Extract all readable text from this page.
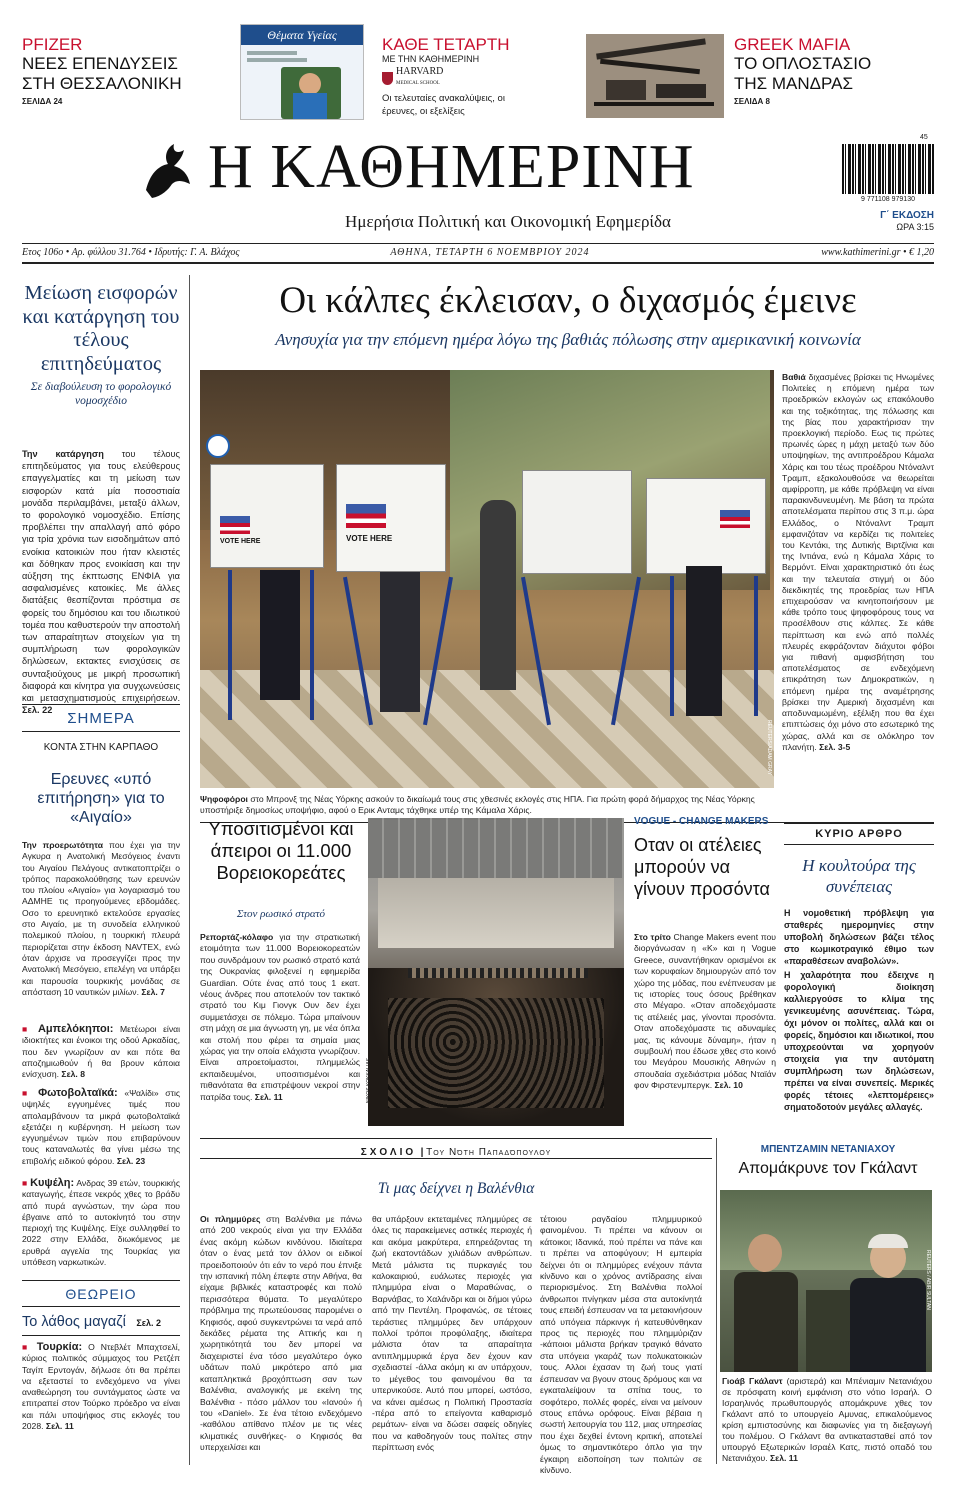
PFIZER
ΝΕΕΣ ΕΠΕΝΔΥΣΕΙΣ ΣΤΗ ΘΕΣΣΑΛΟΝΙΚΗ
ΣΕΛΙΔΑ 24
Θέματα Υγείας	ΚΑΘΕ ΤΕΤΑΡΤΗ
ΜΕ ΤΗΝ ΚΑΘΗΜΕΡΙΝΗ
HARVARD
MEDICAL SCHOOL
Οι τελευταίες ανακαλύψεις, οι έρευνες, οι εξελίξεις
GREEK MAFIA
ΤΟ ΟΠΛΟΣΤΑΣΙΟ ΤΗΣ ΜΑΝΔΡΑΣ
ΣΕΛΙΔΑ 8
Η ΚΑΘΗΜΕΡΙΝΗ
Ημερήσια Πολιτική και Οικονομική Εφημερίδα
9 771108 979130
45
Γ΄ ΕΚΔΟΣΗ
ΩΡΑ 3:15
Ετος 106ο • Αρ. φύλλου 31.764 • Ιδρυτής: Γ. Α. Βλάχος	ΑΘΗΝΑ, ΤΕΤΑΡΤΗ 6 ΝΟΕΜΒΡΙΟΥ 2024	www.kathimerini.gr • € 1,20
Μείωση εισφορών και κατάργηση του τέλους επιτηδεύματος
Σε διαβούλευση το φορολογικό νομοσχέδιο
Την κατάργηση του τέλους επιτηδεύματος για τους ελεύθερους επαγγελματίες και τη μείωση των εισφορών κατά μία ποσοστιαία μονάδα περιλαμβάνει, μεταξύ άλλων, το φορολογικό νομοσχέδιο. Επίσης προβλέπει την απαλλαγή από φόρο για τρία χρόνια των εισοδημάτων από ενοίκια κατοικιών που ήταν κλειστές και δόθηκαν προς ενοικίαση και την αύξηση της έκπτωσης ΕΝΦΙΑ για ασφαλισμένες κατοικίες. Με άλλες διατάξεις θεσπίζονται πρόστιμα σε φορείς του δημόσιου και του ιδιωτικού τομέα που καθυστερούν την αποστολή των απαραίτητων στοιχείων για τη συμπλήρωση των φορολογικών δηλώσεων, εκτακτες ενισχύσεις σε συνταξιούχους με μικρή προσωπική διαφορά και κίνητρα για συγχωνεύσεις και μετασχηματισμούς επιχειρήσεων. Σελ. 22 ΣΗΜΕΡΑ
ΚΟΝΤΑ ΣΤΗΝ ΚΑΡΠΑΘΟ
Ερευνες «υπό επιτήρηση» για το «Αιγαίο»
Την προερωτότητα που έχει για την Αγκυρα η Ανατολική Μεσόγειος έναντι του Αιγαίου Πελάγους αντικατοπτρίζει ο τρόπος παρακολούθησης των ερευνών του πλοίου «Αιγαίο» για λογαριασμό του ΑΔΜΗΕ τις προηγούμενες εβδομάδες. Οσο το ερευνητικό εκτελούσε εργασίες στο Αιγαίο, με τη συνοδεία ελληνικού πολεμικού πλοίου, η τουρκική πλευρά περιορίζεται στην έκδοση NAVTEX, ενώ όταν άρχισε να προσεγγίζει προς την Ανατολική Μεσόγειο, επελέγη να υπάρξει και παρουσία τουρκικής μονάδας σε απόσταση 10 ναυτικών μιλίων. Σελ. 7
■ Αμπελόκηποι: Μετέωροι είναι ιδιοκτήτες και ένοικοι της οδού Αρκαδίας, που δεν γνωρίζουν αν και πότε θα αποζημιωθούν ή θα βρουν κάποια ενίσχυση. Σελ. 8
■ Φωτοβολταϊκά: «Ψαλίδι» στις υψηλές εγγυημένες τιμές που απολαμβάνουν τα μικρά φωτοβολταϊκά εξετάζει η κυβέρνηση. Η μείωση των εγγυημένων τιμών που επιβαρύνουν τους καταναλωτές θα γίνει μέσω της επιβολής ειδικού φόρου. Σελ. 23
■ Κυψέλη: Ανδρας 39 ετών, τουρκικής καταγωγής, έπεσε νεκρός χθες το βράδυ από πυρά αγνώστων, την ώρα που έβγαινε από το αυτοκίνητό του στην περιοχή της Κυψέλης. Είχε συλληφθεί το 2022 στην Ελλάδα, διωκόμενος με ερυθρά αγγελία της Τουρκίας για υπόθεση ναρκωτικών.
ΘΕΩΡΕΙΟ
Το λάθος μαγαζί Σελ. 2
■ Τουρκία: Ο Ντεβλέτ Μπαχτσελί, κύριος πολιτικός σύμμαχος του Ρετζέπ Ταγίπ Ερντογάν, δήλωσε ότι θα πρέπει να εξεταστεί το ενδεχόμενο να γίνει αναθεώρηση του συντάγματος ώστε να επιτραπεί στον Τούρκο πρόεδρο να είναι και πάλι υποψήφιος στις εκλογές του 2028. Σελ. 11
Οι κάλπες έκλεισαν, ο διχασμός έμεινε
Ανησυχία για την επόμενη ημέρα λόγω της βαθιάς πόλωσης στην αμερικανική κοινωνία
VOTE HERE
VOTE HERE
REUTERS/ADAM GRAY
Ψηφοφόροι στο Μπρονξ της Νέας Υόρκης ασκούν το δικαίωμά τους στις χθεσινές εκλογές στις ΗΠΑ. Για πρώτη φορά δήμαρχος της Νέας Υόρκης υποστήριξε δημοσίως υποψήφιο, αφού ο Ερικ Ανταμς τάχθηκε υπέρ της Κάμαλα Χάρις.
Βαθιά διχασμένες βρίσκει τις Ηνωμένες Πολιτείες η επόμενη ημέρα των προεδρικών εκλογών ως επακόλουθο και της τοξικότητας, της πόλωσης και της βίας που χαρακτήρισαν την προεκλογική περίοδο. Εως τις πρώτες πρωινές ώρες η μάχη μεταξύ των δύο υποψηφίων, της αντιπροέδρου Κάμαλα Χάρις και του τέως προέδρου Ντόναλντ Τραμπ, εξακολουθούσε να θεωρείται αμφίρροπη, με κάθε πρόβλεψη να είναι παρακινδυνευμένη. Με βάση τα πρώτα αποτελέσματα περίπου στις 3 π.μ. ώρα Ελλάδος, ο Ντόναλντ Τραμπ εμφανιζόταν να κερδίζει τις πολιτείες του Κεντάκι, της Δυτικής Βιρτζίνια και της Ιντιάνα, ενώ η Κάμαλα Χάρις το Βερμόντ. Είναι χαρακτηριστικό ότι έως και την τελευταία στιγμή οι δύο διεκδικητές της προεδρίας των ΗΠΑ επιχειρούσαν να κινητοποιήσουν με κάθε τρόπο τους ψηφοφόρους τους να προσέλθουν στις κάλπες. Σε κάθε περίπτωση και ενώ από πολλές πλευρές εκφράζονταν διάχυτοι φόβοι για πιθανή αμφισβήτηση του αποτελέσματος σε ενδεχόμενη επικράτηση των Δημοκρατικών, η επόμενη ημέρα της αναμέτρησης βρίσκει την Αμερική διχασμένη και αποδυναμωμένη, εξέλιξη που θα έχει επιπτώσεις όχι μόνο στο εσωτερικό της χώρας, αλλά και σε ολόκληρο τον πλανήτη. Σελ. 3-5
Υποσιτισμένοι και άπειροι οι 11.000 Βορειοκορεάτες
Στον ρωσικό στρατό
Ρεπορτάζ-κόλαφο για την στρατιωτική ετοιμότητα των 11.000 Βορειοκορεατών που συνδράμουν τον ρωσικό στρατό κατά της Ουκρανίας φιλοξενεί η εφημερίδα Guardian. Ούτε ένας από τους 1 εκατ. νέους άνδρες που αποτελούν τον τακτικό στρατό του Κιμ Γιονγκ Ουν δεν έχει συμμετάσχει σε πόλεμο. Τώρα μπαίνουν στη μάχη σε μια άγνωστη γη, με νέα όπλα και στολή που φέρει τα σημαία μιας χώρας για την οποία ελάχιστα γνωρίζουν. Είναι απροετοίμαστοι, πλημμελώς εκπαιδευμένοι, υποσιτισμένοι και πιθανότατα θα επιστρέψουν νεκροί στην πατρίδα τους. Σελ. 11	NIKOS KOKKALIAS
VOGUE - CHANGE MAKERS
Οταν οι ατέλειες μπορούν να γίνουν προσόντα
Στο τρίτο Change Makers event που διοργάνωσαν η «Κ» και η Vogue Greece, συναντήθηκαν ορισμένοι εκ των κορυφαίων δημιουργών από τον χώρο της μόδας, που ενέπνευσαν με τις ιστορίες τους όσους βρέθηκαν στο Μέγαρο. «Οταν αποδεχόμαστε τις ατέλειές μας, γίνονται προσόντα. Οταν αποδεχόμαστε τις αδυναμίες μας, τις κάνουμε δύναμη», ήταν η συμβουλή που έδωσε χθες στο κοινό του Μεγάρου Μουσικής Αθηνών η σπουδαία σχεδιάστρια μόδας Νταϊάν φον Φιρστενμπεργκ. Σελ. 10
ΚΥΡΙΟ ΑΡΘΡΟ
Η κουλτούρα της συνέπειας
Η νομοθετική πρόβλεψη για σταθερές ημερομηνίες στην υποβολή δηλώσεων βάζει τέλος στο κωμικοτραγικό έθιμο των «παραθέσεων αναβολών».
Η χαλαρότητα που έδειχνε η φορολογική διοίκηση καλλιεργούσε το κλίμα της γενικευμένης ασυνέπειας. Τώρα, όχι μόνον οι πολίτες, αλλά και οι φορείς, δημόσιοι και ιδιωτικοί, που υποχρεούνται να χορηγούν στοιχεία για την αυτόματη συμπλήρωση των δηλώσεων, πρέπει να είναι συνεπείς. Μερικές φορές τέτοιες «λεπτομέρειες» σηματοδοτούν μεγάλες αλλαγές.
ΣΧΟΛΙΟ | Του Νότη Παπαδόπουλου
Τι μας δείχνει η Βαλένθια
Οι πλημμύρες στη Βαλένθια με πάνω από 200 νεκρούς είναι για την Ελλάδα ένας ακόμη κώδων κινδύνου. Ιδιαίτερα όταν ο ένας μετά τον άλλον οι ειδικοί προειδοποιούν ότι εάν το νερό που έπνιξε την ισπανική πόλη έπεφτε στην Αθήνα, θα είχαμε βιβλικές καταστροφές και πολύ περισσότερα θύματα. Το μεγαλύτερο πρόβλημα της πρωτεύουσας παρομένει ο Κηφισός, αφού συγκεντρώνει τα νερά από δεκάδες ρέματα της Αττικής και η χωρητικότητά του δεν μπορεί να διαχειριστεί ένα τόσο μεγαλύτερο όγκο υδάτων πολύ μικρότερο από μια καταπληκτικά βροχόπτωση σαν των Βαλένθια, αναλογικής με εκείνη της Βαλένθια - πόσο μάλλον του «Ιανού» ή του «Daniel». Σε ένα τέτοιο ενδεχόμενο -καθόλου απίθανο πλέον με τις νέες κλιματικές συνθήκες- ο Κηφισός θα υπερχειλίσει και
θα υπάρξουν εκτεταμένες πλημμύρες σε όλες τις παρακείμενες αστικές περιοχές ή και ακόμα μακρύτερα, επηρεάζοντας τη ζωή εκατοντάδων χιλιάδων ανθρώπων. Μετά μάλιστα τις πυρκαγιές του καλοκαιριού, ευάλωτες περιοχές για πλημμύρα είναι ο Μαραθώνας, ο Βαρνάβας, το Χαλάνδρι και οι δήμοι γύρω από την Πεντέλη. Προφανώς, σε τέτοιες τεράστιες πλημμύρες δεν υπάρχουν πολλοί τρόποι προφύλαξης, ιδιαίτερα μάλιστα όταν τα απαραίτητα αντιπλημμυρικά έργα δεν έχουν καν σχεδιαστεί -άλλα ακόμη κι αν υπάρχουν, το μέγεθος του φαινομένου θα τα υπερνικούσε. Αυτό που μπορεί, ωστόσο, να κάνει αμέσως η Πολιτική Προστασία -πέρα από το επείγοντα καθαρισμό ρεμάτων- είναι να δώσει σαφείς οδηγίες που να καθοδηγούν τους πολίτες στην περίπτωση ενός
τέτοιου ραγδαίου πλημμυρικού φαινομένου. Τι πρέπει να κάνουν οι κάτοικοι; Ιδανικά, πού πρέπει να πάνε και τι πρέπει να αποφύγουν; Η εμπειρία δείχνει ότι οι πλημμύρες ενέχουν πάντα κίνδυνο και ο χρόνος αντίδρασης είναι περιορισμένος. Στη Βαλένθια πολλοί άνθρωποι πνίγηκαν μέσα στα αυτοκίνητά τους επειδή έσπευσαν να τα μετακινήσουν από υπόγεια πάρκινγκ ή κατευθύνθηκαν προς τις περιοχές που πλημμύριζαν -κάποιοι μάλιστα βρήκαν τραγικό θάνατο στα υπόγεια γκαράζ των πολυκατοικιών τους. Αλλοι έχασαν τη ζωή τους γιατί έσπευσαν να βγουν στους δρόμους και να εγκαταλείψουν τα σπίτια τους, το σοφότερο, πολλές φορές, είναι να μείνουν στους επάνω ορόφους. Είναι βέβαια η σωστή λειτουργία του 112, μιας υπηρεσίας που έχει δεχθεί έντονη κριτική, αποτελεί όμως το σημαντικότερο όπλο για την έγκαιρη ειδοποίηση των πολιτών σε κίνδυνο.
ΜΠΕΝΤΖΑΜΙΝ ΝΕΤΑΝΙΑΧΟΥ
Απομάκρυνε τον Γκάλαντ
REUTERS / ABIR SULTAN
Γιοάβ Γκάλαντ (αριστερά) και Μπένιαμιν Νετανιάχου σε πρόσφατη κοινή εμφάνιση στο νότιο Ισραήλ. Ο Ισραηλινός πρωθυπουργός απομάκρυνε χθες τον Γκάλαντ από το υπουργείο Αμυνας, επικαλούμενος κρίση εμπιστοσύνης και διαφωνίες για τη διεξαγωγή του πολέμου. Ο Γκάλαντ θα αντικατασταθεί από τον υπουργό Εξωτερικών Ισραέλ Κατς, πιστό οπαδό του Νετανιάχου. Σελ. 11
